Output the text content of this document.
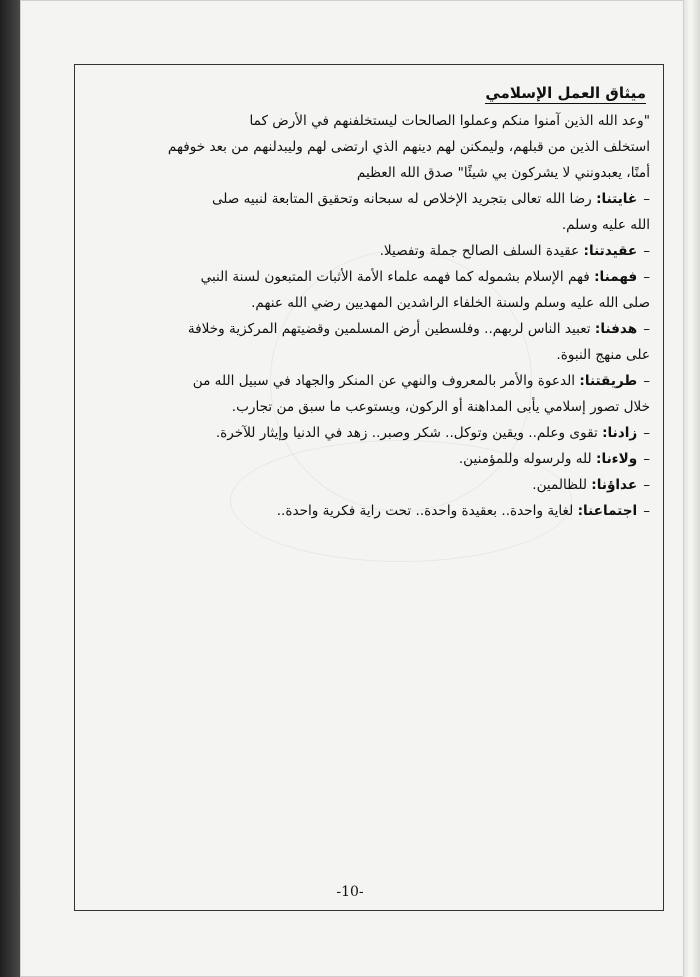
ميثاق العمل الإسلامي

"وعد الله الذين آمنوا منكم وعملوا الصالحات ليستخلفنهم في الأرض كما

استخلف الذين من قبلهم، وليمكنن لهم دينهم الذي ارتضى لهم وليبدلنهم من بعد خوفهم

أمنًا، يعبدونني لا يشركون بي شيئًا" صدق الله العظيم

–غايتنا: رضا الله تعالى بتجريد الإخلاص له سبحانه وتحقيق المتابعة لنبيه صلى
الله عليه وسلم.
–عقيدتنا: عقيدة السلف الصالح جملة وتفصيلا.
–فهمنا: فهم الإسلام بشموله كما فهمه علماء الأمة الأثبات المتبعون لسنة النبي
صلى الله عليه وسلم ولسنة الخلفاء الراشدين المهديين رضي الله عنهم.
–هدفنا: تعبيد الناس لربهم.. وفلسطين أرض المسلمين وقضيتهم المركزية وخلافة
على منهج النبوة.
–طريقتنا: الدعوة والأمر بالمعروف والنهي عن المنكر والجهاد في سبيل الله من
خلال تصور إسلامي يأبى المداهنة أو الركون، ويستوعب ما سبق من تجارب.
–زادنا: تقوى وعلم.. ويقين وتوكل.. شكر وصبر.. زهد في الدنيا وإيثار للآخرة.
–ولاءنا: لله ولرسوله وللمؤمنين.
–عداؤنا: للظالمين.
–اجتماعنا: لغاية واحدة.. بعقيدة واحدة.. تحت راية فكرية واحدة..
-10-
